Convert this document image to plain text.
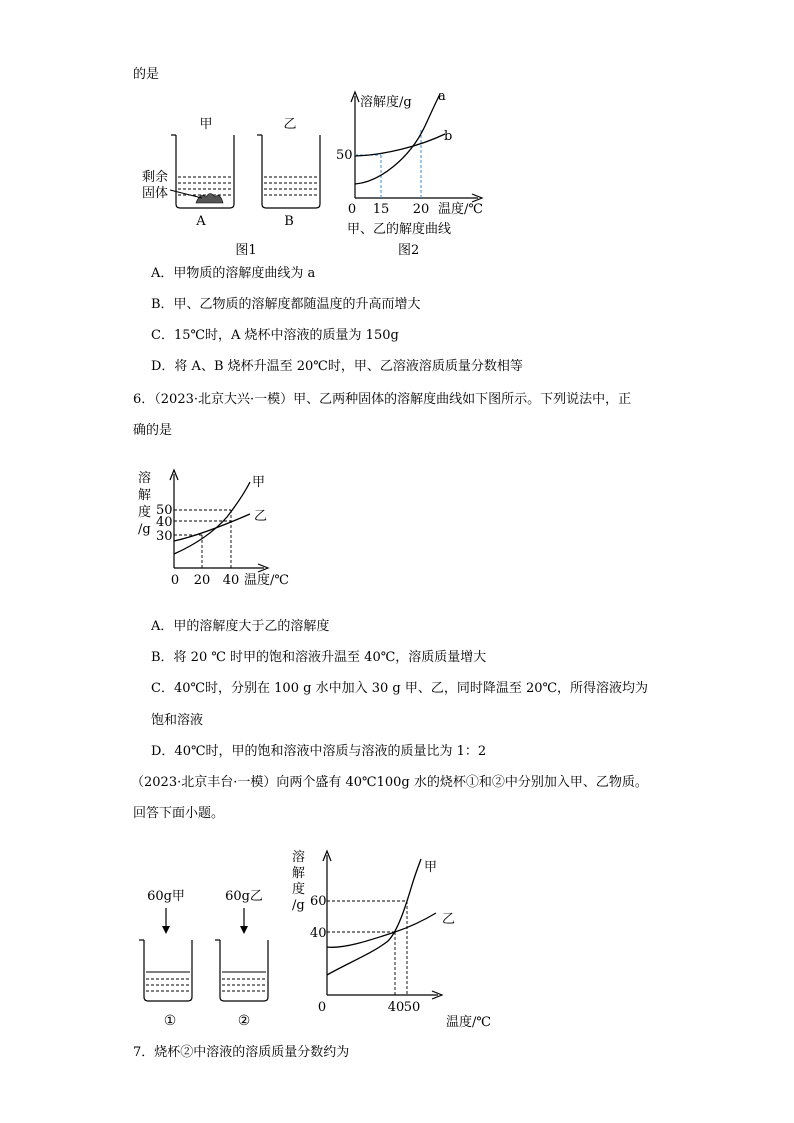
的是
甲	乙
剩余
固体
A	B
图1
溶解度/g
温度/℃
50
0 15 20
a
b
甲、乙的解度曲线
图2
A．甲物质的溶解度曲线为 a
B．甲、乙物质的溶解度都随温度的升高而增大
C．15℃时，A 烧杯中溶液的质量为 150g
D．将 A、B 烧杯升温至 20℃时，甲、乙溶液溶质质量分数相等
6．（2023·北京大兴·一模）甲、乙两种固体的溶解度曲线如下图所示。下列说法中，正
确的是
溶
解
度
/g
50
40
30
甲
乙
0 20 40 温度/℃
A．甲的溶解度大于乙的溶解度
B．将 20 ℃ 时甲的饱和溶液升温至 40℃，溶质质量增大
C．40℃时，分别在 100 g 水中加入 30 g 甲、乙，同时降温至 20℃，所得溶液均为
饱和溶液
D．40℃时，甲的饱和溶液中溶质与溶液的质量比为 1：2
（2023·北京丰台·一模）向两个盛有 40℃100g 水的烧杯①和②中分别加入甲、乙物质。
回答下面小题。
60g甲	60g乙
①	②
溶
解
度
/g 60
40
甲
乙
0	40 50
温度/℃
7．烧杯②中溶液的溶质质量分数约为
